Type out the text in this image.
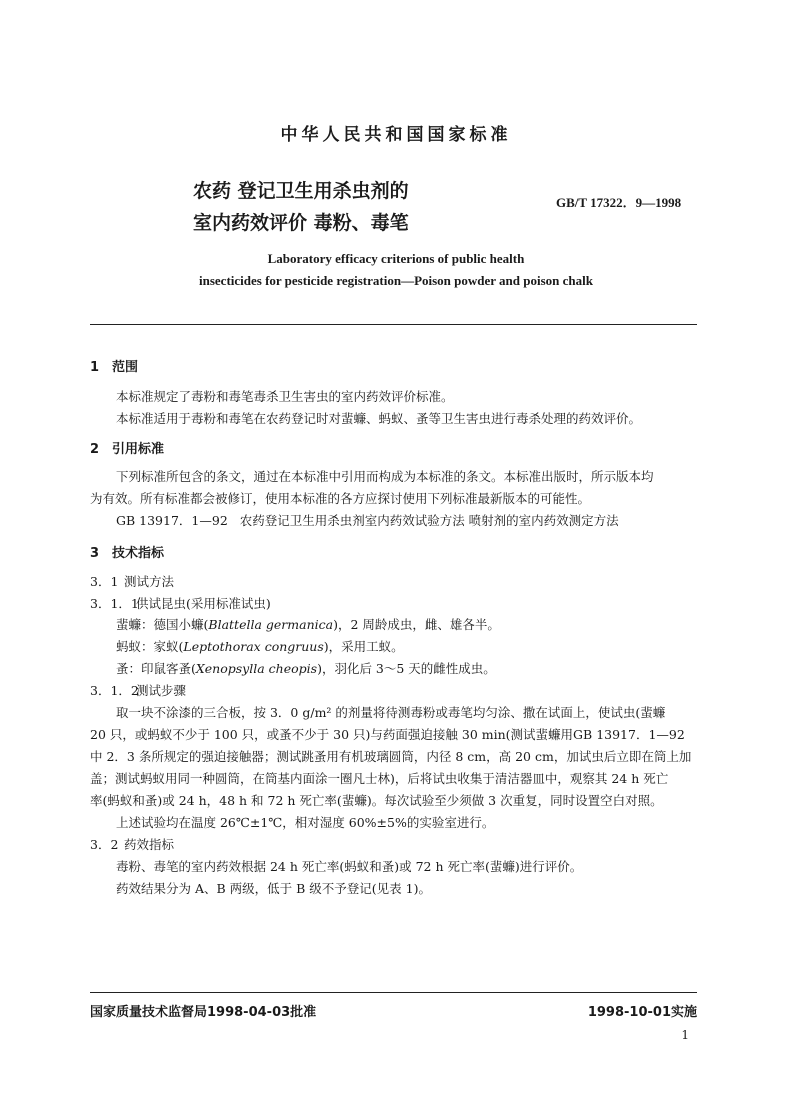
中华人民共和国国家标准
农药 登记卫生用杀虫剂的
室内药效评价 毒粉、毒笔
GB/T 17322．9—1998
Laboratory efficacy criterions of public health
insecticides for pesticide registration—Poison powder and poison chalk
1 范围
本标准规定了毒粉和毒笔毒杀卫生害虫的室内药效评价标准。
本标准适用于毒粉和毒笔在农药登记时对蜚蠊、蚂蚁、蚤等卫生害虫进行毒杀处理的药效评价。
2 引用标准
下列标准所包含的条文，通过在本标准中引用而构成为本标准的条文。本标准出版时，所示版本均
为有效。所有标准都会被修订，使用本标准的各方应探讨使用下列标准最新版本的可能性。
GB 13917．1—92 农药登记卫生用杀虫剂室内药效试验方法 喷射剂的室内药效测定方法
3 技术指标
3．1 测试方法
3．1．1供试昆虫(采用标准试虫)
蜚蠊：德国小蠊(Blattella germanica)，2 周龄成虫，雌、雄各半。
蚂蚁：家蚁(Leptothorax congruus)，采用工蚁。
蚤：印鼠客蚤(Xenopsylla cheopis)，羽化后 3～5 天的雌性成虫。
3．1．2测试步骤
取一块不涂漆的三合板，按 3．0 g/m² 的剂量将待测毒粉或毒笔均匀涂、撒在试面上，使试虫(蜚蠊
20 只，或蚂蚁不少于 100 只，或蚤不少于 30 只)与药面强迫接触 30 min(测试蜚蠊用GB 13917．1—92
中 2．3 条所规定的强迫接触器；测试跳蚤用有机玻璃圆筒，内径 8 cm，高 20 cm，加试虫后立即在筒上加
盖；测试蚂蚁用同一种圆筒，在筒基内面涂一圈凡士林)，后将试虫收集于清洁器皿中，观察其 24 h 死亡
率(蚂蚁和蚤)或 24 h，48 h 和 72 h 死亡率(蜚蠊)。每次试验至少须做 3 次重复，同时设置空白对照。
上述试验均在温度 26℃±1℃，相对湿度 60%±5%的实验室进行。
3．2 药效指标
毒粉、毒笔的室内药效根据 24 h 死亡率(蚂蚁和蚤)或 72 h 死亡率(蜚蠊)进行评价。
药效结果分为 A、B 两级，低于 B 级不予登记(见表 1)。
国家质量技术监督局1998-04-03批准	1998-10-01实施
1
